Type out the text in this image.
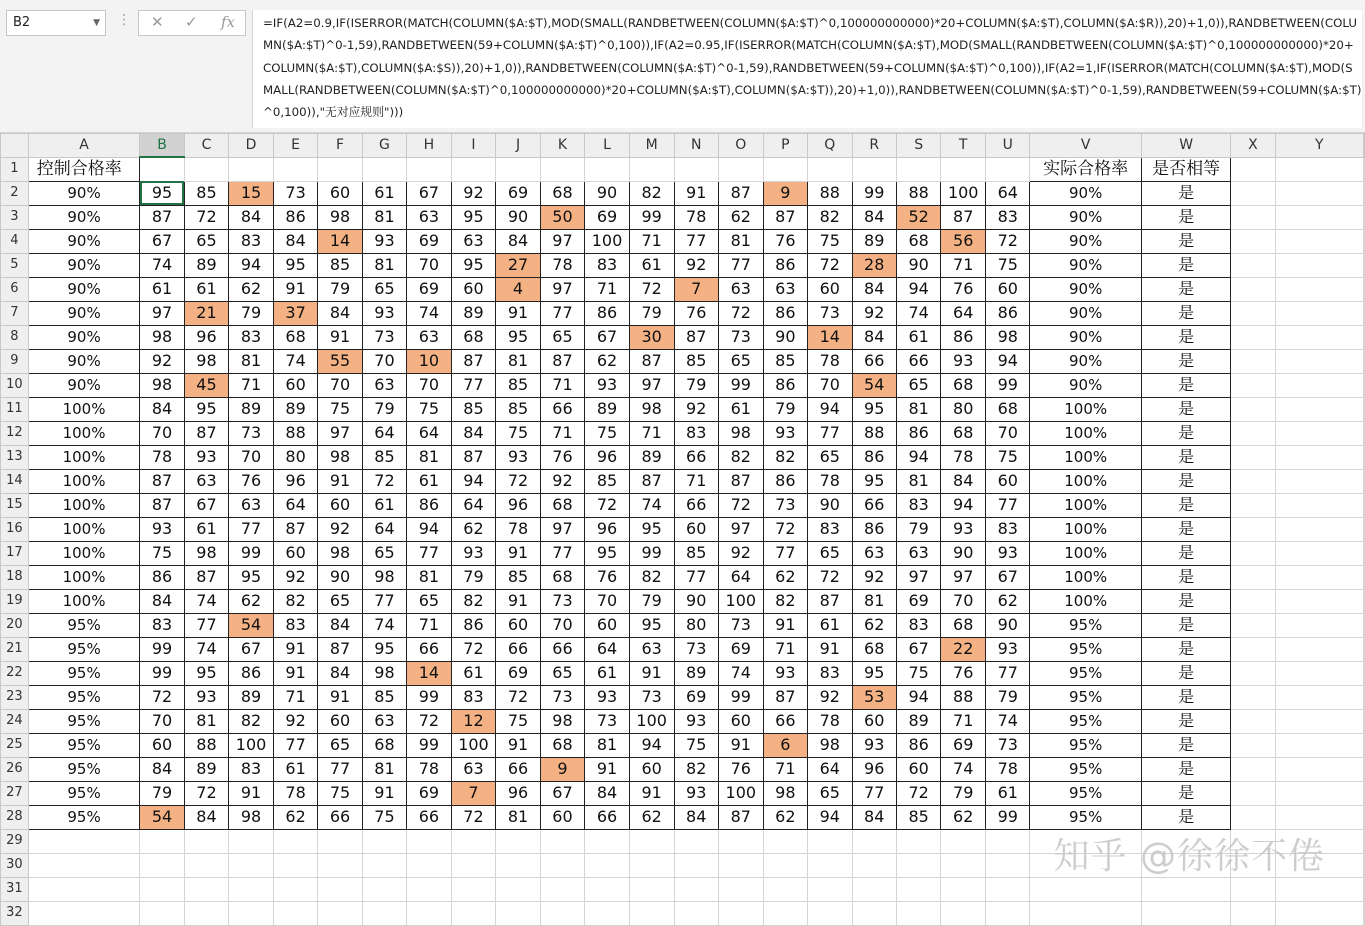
B2	▼ ⋮ ✕ ✓ fx	=IF(A2=0.9,IF(ISERROR(MATCH(COLUMN($A:$T),MOD(SMALL(RANDBETWEEN(COLUMN($A:$T)^0,100000000000)*20+COLUMN($A:$T),COLUMN($A:$R)),20)+1,0)),RANDBETWEEN(COLUMN($A:$T)^0-1,59),RANDBETWEEN(59+COLUMN($A:$T)^0,100)),IF(A2=0.95,IF(ISERROR(MATCH(COLUMN($A:$T),MOD(SMALL(RANDBETWEEN(COLUMN($A:$T)^0,100000000000)*20+COLUMN($A:$T),COLUMN($A:$S)),20)+1,0)),RANDBETWEEN(COLUMN($A:$T)^0-1,59),RANDBETWEEN(59+COLUMN($A:$T)^0,100)),IF(A2=1,IF(ISERROR(MATCH(COLUMN($A:$T),MOD(SMALL(RANDBETWEEN(COLUMN($A:$T)^0,100000000000)*20+COLUMN($A:$T),COLUMN($A:$T)),20)+1,0)),RANDBETWEEN(COLUMN($A:$T)^0-1,59),RANDBETWEEN(59+COLUMN($A:$T)^0,100)),"无对应规则")))
	A	B	C	D	E	F	G	H	I	J	K	L	M	N	O	P	Q	R	S	T	U	V	W	X	Y	
1	控制合格率																					实际合格率	是否相等			
2	90%	95	85	15	73	60	61	67	92	69	68	90	82	91	87	9	88	99	88	100	64	90%	是			
3	90%	87	72	84	86	98	81	63	95	90	50	69	99	78	62	87	82	84	52	87	83	90%	是			
4	90%	67	65	83	84	14	93	69	63	84	97	100	71	77	81	76	75	89	68	56	72	90%	是			
5	90%	74	89	94	95	85	81	70	95	27	78	83	61	92	77	86	72	28	90	71	75	90%	是			
6	90%	61	61	62	91	79	65	69	60	4	97	71	72	7	63	63	60	84	94	76	60	90%	是			
7	90%	97	21	79	37	84	93	74	89	91	77	86	79	76	72	86	73	92	74	64	86	90%	是			
8	90%	98	96	83	68	91	73	63	68	95	65	67	30	87	73	90	14	84	61	86	98	90%	是			
9	90%	92	98	81	74	55	70	10	87	81	87	62	87	85	65	85	78	66	66	93	94	90%	是			
10	90%	98	45	71	60	70	63	70	77	85	71	93	97	79	99	86	70	54	65	68	99	90%	是			
11	100%	84	95	89	89	75	79	75	85	85	66	89	98	92	61	79	94	95	81	80	68	100%	是			
12	100%	70	87	73	88	97	64	64	84	75	71	75	71	83	98	93	77	88	86	68	70	100%	是			
13	100%	78	93	70	80	98	85	81	87	93	76	96	89	66	82	82	65	86	94	78	75	100%	是			
14	100%	87	63	76	96	91	72	61	94	72	92	85	87	71	87	86	78	95	81	84	60	100%	是			
15	100%	87	67	63	64	60	61	86	64	96	68	72	74	66	72	73	90	66	83	94	77	100%	是			
16	100%	93	61	77	87	92	64	94	62	78	97	96	95	60	97	72	83	86	79	93	83	100%	是			
17	100%	75	98	99	60	98	65	77	93	91	77	95	99	85	92	77	65	63	63	90	93	100%	是			
18	100%	86	87	95	92	90	98	81	79	85	68	76	82	77	64	62	72	92	97	97	67	100%	是			
19	100%	84	74	62	82	65	77	65	82	91	73	70	79	90	100	82	87	81	69	70	62	100%	是			
20	95%	83	77	54	83	84	74	71	86	60	70	60	95	80	73	91	61	62	83	68	90	95%	是			
21	95%	99	74	67	91	87	95	66	72	66	66	64	63	73	69	71	91	68	67	22	93	95%	是			
22	95%	99	95	86	91	84	98	14	61	69	65	61	91	89	74	93	83	95	75	76	77	95%	是			
23	95%	72	93	89	71	91	85	99	83	72	73	93	73	69	99	87	92	53	94	88	79	95%	是			
24	95%	70	81	82	92	60	63	72	12	75	98	73	100	93	60	66	78	60	89	71	74	95%	是			
25	95%	60	88	100	77	65	68	99	100	91	68	81	94	75	91	6	98	93	86	69	73	95%	是			
26	95%	84	89	83	61	77	81	78	63	66	9	91	60	82	76	71	64	96	60	74	78	95%	是			
27	95%	79	72	91	78	75	91	69	7	96	67	84	91	93	100	98	65	77	72	79	61	95%	是			
28	95%	54	84	98	62	66	75	66	72	81	60	66	62	84	87	62	94	84	85	62	99	95%	是			
29																										
30																										
31																										
32																										
知乎 @徐徐不倦
